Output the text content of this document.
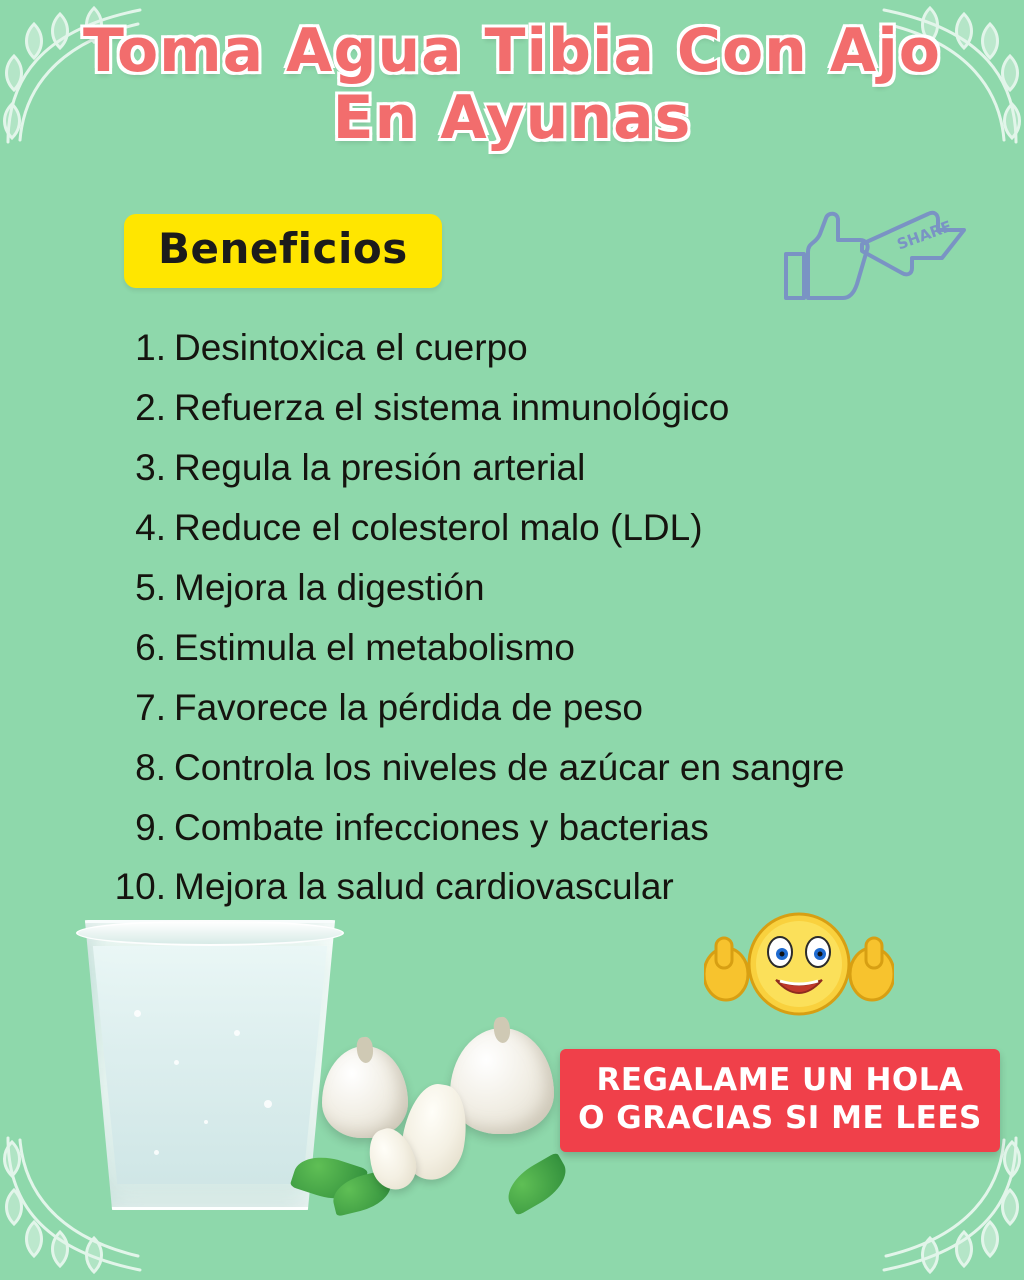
Toma Agua Tibia Con Ajo
En Ayunas
Beneficios	SHARE
1. Desintoxica el cuerpo
2. Refuerza el sistema inmunológico
3. Regula la presión arterial
4. Reduce el colesterol malo (LDL)
5. Mejora la digestión
6. Estimula el metabolismo
7. Favorece la pérdida de peso
8. Controla los niveles de azúcar en sangre
9. Combate infecciones y bacterias
10. Mejora la salud cardiovascular
REGALAME UN HOLA
O GRACIAS SI ME LEES
